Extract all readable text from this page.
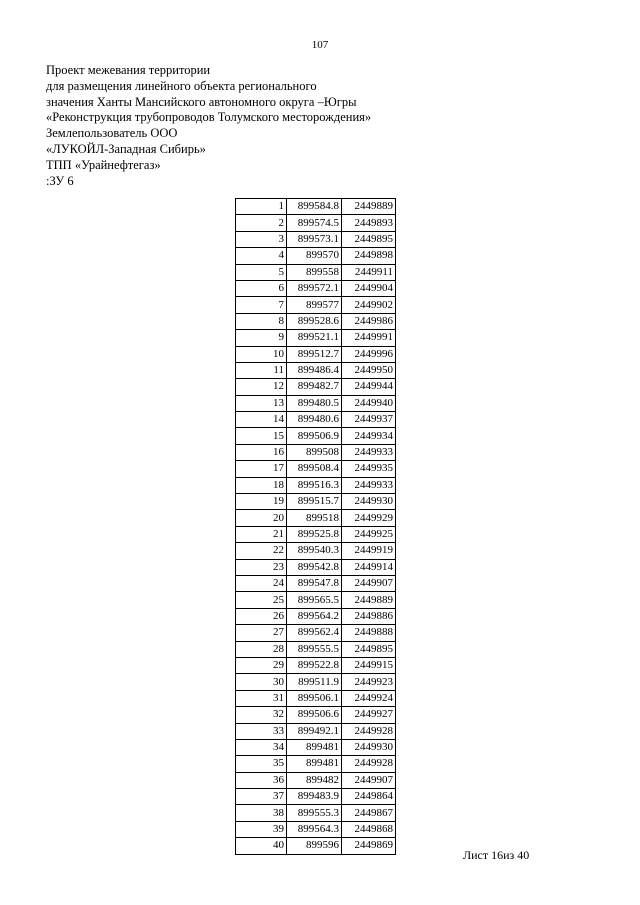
107
Проект межевания территории
для размещения линейного объекта регионального
значения Ханты Мансийского автономного округа –Югры
«Реконструкция трубопроводов Толумского месторождения»
Землепользователь ООО
«ЛУКОЙЛ-Западная Сибирь»
ТПП «Урайнефтегаз»
:ЗУ 6
1	899584.8	2449889
2	899574.5	2449893
3	899573.1	2449895
4	899570	2449898
5	899558	2449911
6	899572.1	2449904
7	899577	2449902
8	899528.6	2449986
9	899521.1	2449991
10	899512.7	2449996
11	899486.4	2449950
12	899482.7	2449944
13	899480.5	2449940
14	899480.6	2449937
15	899506.9	2449934
16	899508	2449933
17	899508.4	2449935
18	899516.3	2449933
19	899515.7	2449930
20	899518	2449929
21	899525.8	2449925
22	899540.3	2449919
23	899542.8	2449914
24	899547.8	2449907
25	899565.5	2449889
26	899564.2	2449886
27	899562.4	2449888
28	899555.5	2449895
29	899522.8	2449915
30	899511.9	2449923
31	899506.1	2449924
32	899506.6	2449927
33	899492.1	2449928
34	899481	2449930
35	899481	2449928
36	899482	2449907
37	899483.9	2449864
38	899555.3	2449867
39	899564.3	2449868
40	899596	2449869
Лист 16из 40
